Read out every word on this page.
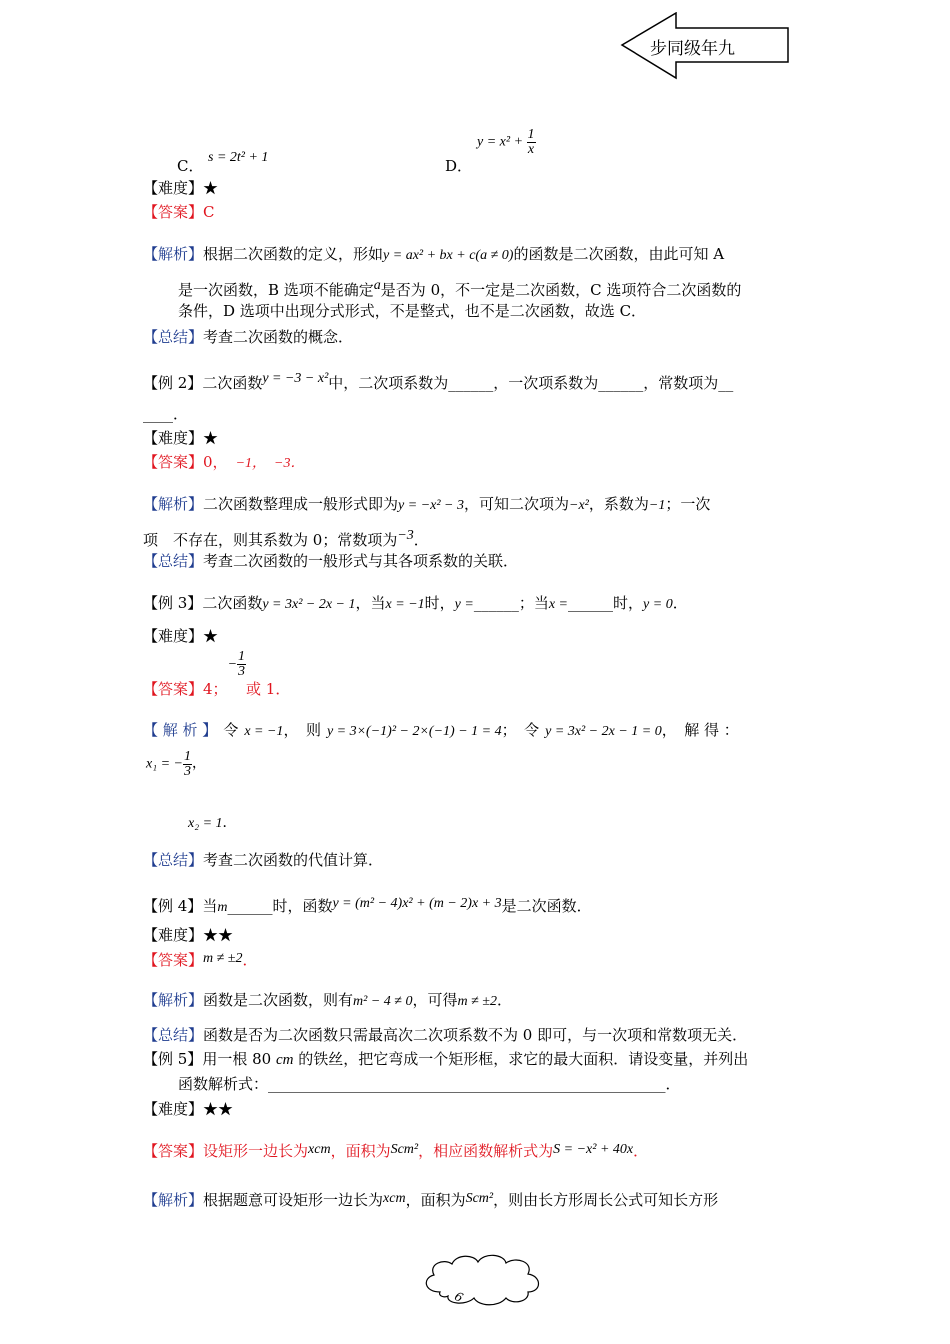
步同级年九
C． s = 2t² + 1	D．
$y = x^2 + \frac{1}{x}$
【难度】★
【答案】C
【解析】根据二次函数的定义，形如y = ax² + bx + c(a ≠ 0)的函数是二次函数，由此可知 A
是一次函数，B 选项不能确定a是否为 0，不一定是二次函数，C 选项符合二次函数的
条件，D 选项中出现分式形式，不是整式，也不是二次函数，故选 C．
【总结】考查二次函数的概念．
【例 2】二次函数y = −3 − x²中，二次项系数为______，一次项系数为______，常数项为__
____．
【难度】★
【答案】0， −1， −3．
【解析】二次函数整理成一般形式即为y = −x² − 3，可知二次项为−x²，系数为−1；一次
项　不存在，则其系数为 0；常数项为−3．
【总结】考查二次函数的一般形式与其各项系数的关联．
【例 3】二次函数y = 3x² − 2x − 1，当x = −1时，y =______；当x =______时，y = 0．
【难度】★
【答案】4；− $\frac{1}{3}$
或 1．
【 解 析 】 令 x = −1，　则 y = 3×(−1)² − 2×(−1) − 1 = 4；　令 y = 3x² − 2x − 1 = 0，　解 得 ：
x₁ = − $\frac{1}{3}$ ，
x₂ = 1．
【总结】考查二次函数的代值计算．
【例 4】当m______时，函数y = (m² − 4)x² + (m − 2)x + 3是二次函数．
【难度】★★
【答案】m ≠ ±2．
【解析】函数是二次函数，则有m² − 4 ≠ 0，可得m ≠ ±2．
【总结】函数是否为二次函数只需最高次二次项系数不为 0 即可，与一次项和常数项无关．
【例 5】用一根 80 cm 的铁丝，把它弯成一个矩形框，求它的最大面积．请设变量，并列出
函数解析式：_____________________________________________________．
【难度】★★
【答案】设矩形一边长为xcm，面积为Scm²，相应函数解析式为S = −x² + 40x．
【解析】根据题意可设矩形一边长为xcm，面积为Scm²，则由长方形周长公式可知长方形
6
